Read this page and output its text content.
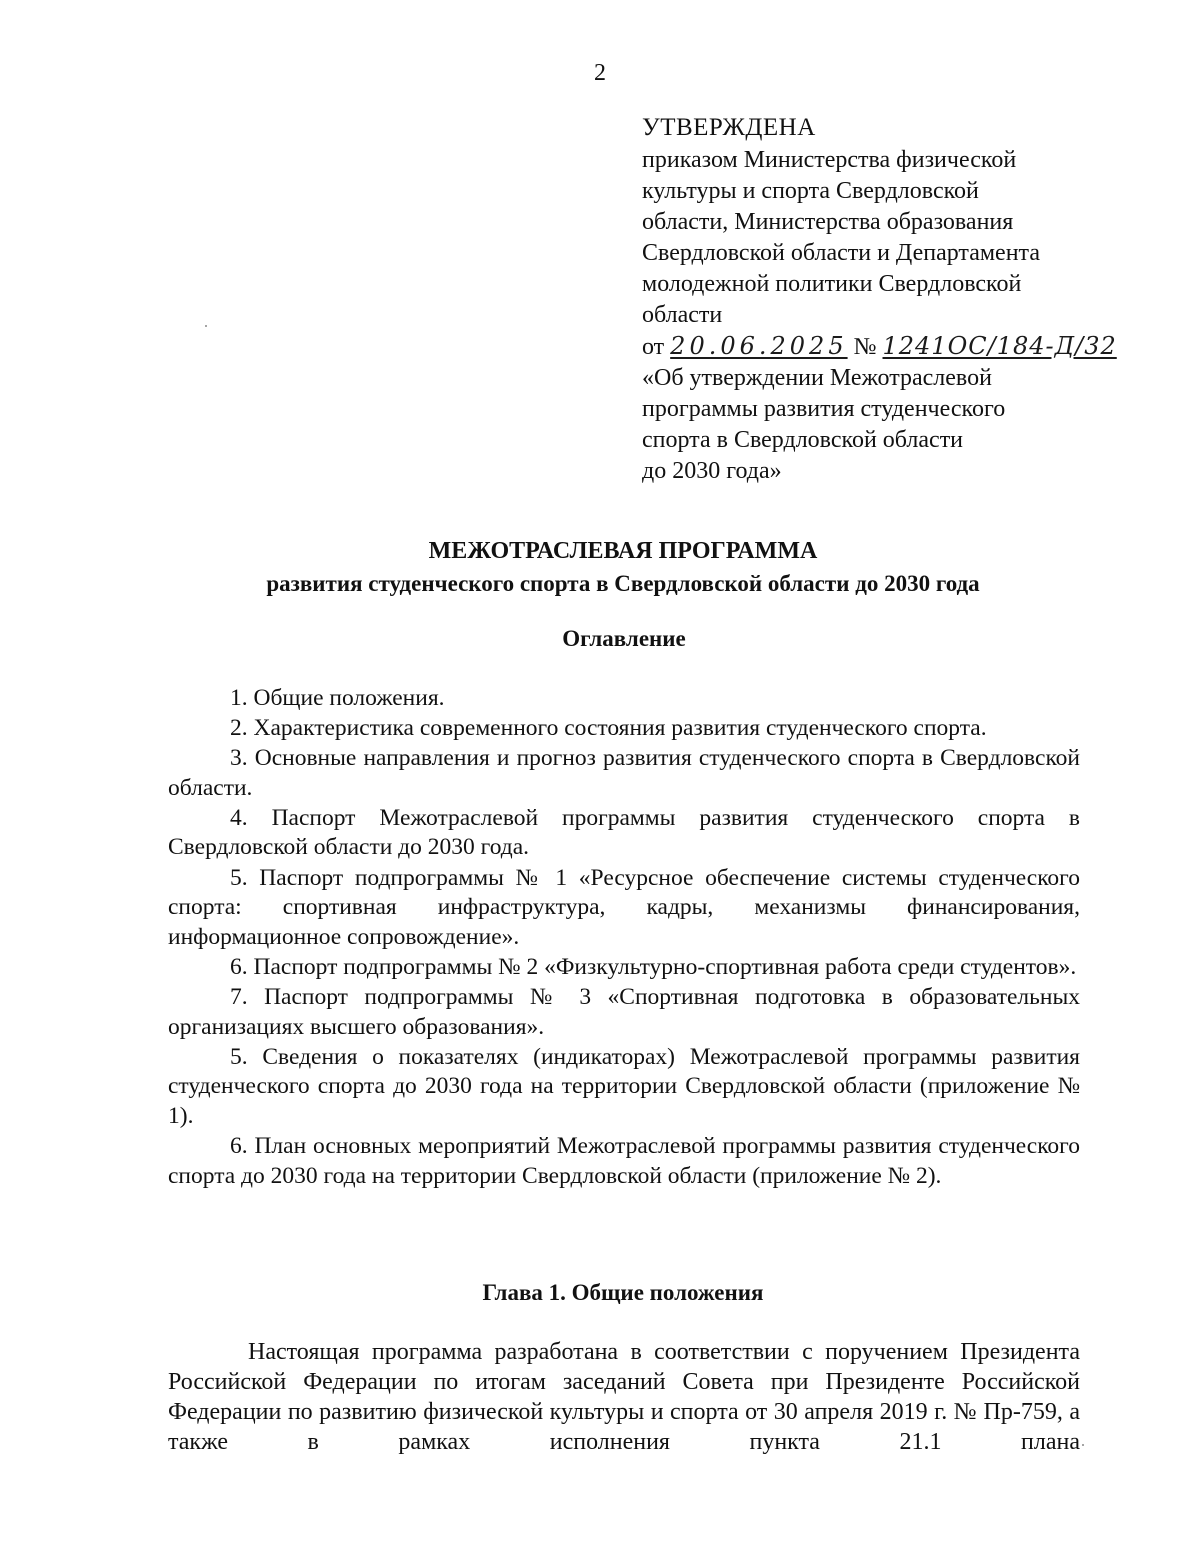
2
УТВЕРЖДЕНА
приказом Министерства физической
культуры и спорта Свердловской
области, Министерства образования
Свердловской области и Департамента
молодежной политики Свердловской
области
от 20.06.2025 № 1241ОС/184-Д/32
«Об утверждении Межотраслевой
программы развития студенческого
спорта в Свердловской области
до 2030 года»
МЕЖОТРАСЛЕВАЯ ПРОГРАММА
развития студенческого спорта в Свердловской области до 2030 года
Оглавление
1. Общие положения.
2. Характеристика современного состояния развития студенческого спорта.
3. Основные направления и прогноз развития студенческого спорта в Свердловской области.
4. Паспорт Межотраслевой программы развития студенческого спорта в Свердловской области до 2030 года.
5. Паспорт подпрограммы № 1 «Ресурсное обеспечение системы студенческого спорта: спортивная инфраструктура, кадры, механизмы финансирования, информационное сопровождение».
6. Паспорт подпрограммы № 2 «Физкультурно-спортивная работа среди студентов».
7. Паспорт подпрограммы № 3 «Спортивная подготовка в образовательных организациях высшего образования».
5. Сведения о показателях (индикаторах) Межотраслевой программы развития студенческого спорта до 2030 года на территории Свердловской области (приложение № 1).
6. План основных мероприятий Межотраслевой программы развития студенческого спорта до 2030 года на территории Свердловской области (приложение № 2).
Глава 1. Общие положения
Настоящая программа разработана в соответствии с поручением Президента Российской Федерации по итогам заседаний Совета при Президенте Российской Федерации по развитию физической культуры и спорта от 30 апреля 2019 г. № Пр-759, а также в рамках исполнения пункта 21.1 плана
